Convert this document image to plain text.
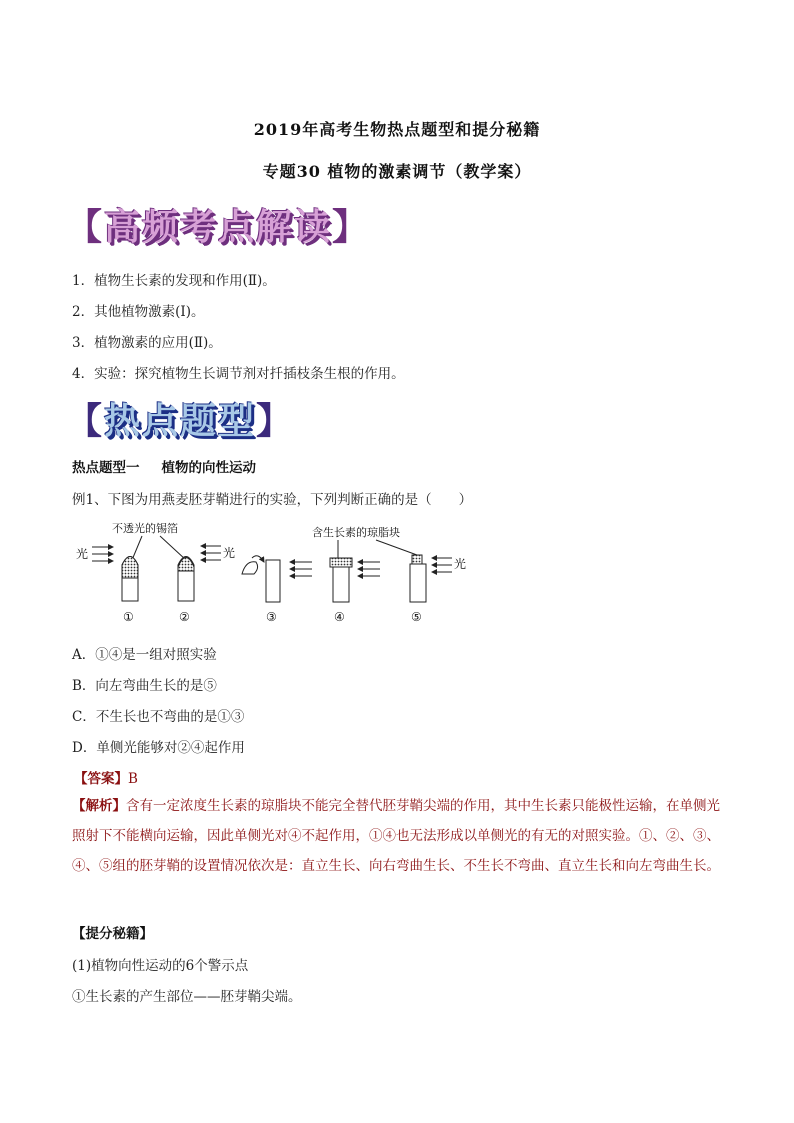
2019年高考生物热点题型和提分秘籍
专题30 植物的激素调节（教学案）
【高频考点解读】
1．植物生长素的发现和作用(Ⅱ)。
2．其他植物激素(Ⅰ)。
3．植物激素的应用(Ⅱ)。
4．实验：探究植物生长调节剂对扦插枝条生根的作用。
【热点题型】
热点题型一 植物的向性运动
例1、下图为用燕麦胚芽鞘进行的实验，下列判断正确的是（　　）
不透光的锡箔	含生长素的琼脂块
光
①
光
②	③	④
光
⑤
A．①④是一组对照实验
B．向左弯曲生长的是⑤
C．不生长也不弯曲的是①③
D．单侧光能够对②④起作用
【答案】B
【解析】含有一定浓度生长素的琼脂块不能完全替代胚芽鞘尖端的作用，其中生长素只能极性运输，在单侧光照射下不能横向运输，因此单侧光对④不起作用，①④也无法形成以单侧光的有无的对照实验。①、②、③、④、⑤组的胚芽鞘的设置情况依次是：直立生长、向右弯曲生长、不生长不弯曲、直立生长和向左弯曲生长。
【提分秘籍】
(1)植物向性运动的6个警示点
①生长素的产生部位——胚芽鞘尖端。
